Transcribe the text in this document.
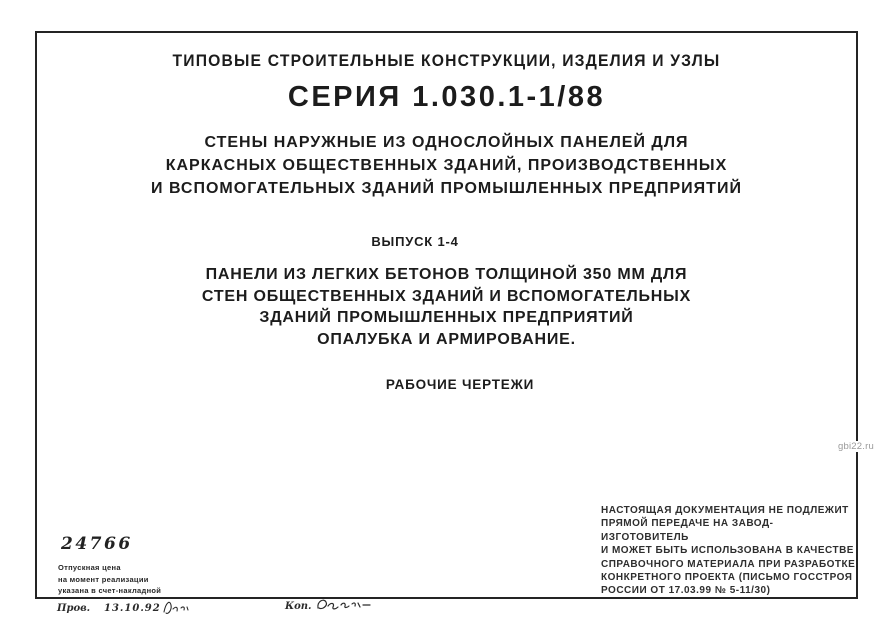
ТИПОВЫЕ СТРОИТЕЛЬНЫЕ КОНСТРУКЦИИ, ИЗДЕЛИЯ И УЗЛЫ
СЕРИЯ 1.030.1-1/88
СТЕНЫ НАРУЖНЫЕ ИЗ ОДНОСЛОЙНЫХ ПАНЕЛЕЙ ДЛЯ
КАРКАСНЫХ ОБЩЕСТВЕННЫХ ЗДАНИЙ, ПРОИЗВОДСТВЕННЫХ
И ВСПОМОГАТЕЛЬНЫХ ЗДАНИЙ ПРОМЫШЛЕННЫХ ПРЕДПРИЯТИЙ
ВЫПУСК 1-4
ПАНЕЛИ ИЗ ЛЕГКИХ БЕТОНОВ ТОЛЩИНОЙ 350 ММ ДЛЯ
СТЕН ОБЩЕСТВЕННЫХ ЗДАНИЙ И ВСПОМОГАТЕЛЬНЫХ
ЗДАНИЙ ПРОМЫШЛЕННЫХ ПРЕДПРИЯТИЙ
ОПАЛУБКА И АРМИРОВАНИЕ.
РАБОЧИЕ ЧЕРТЕЖИ
НАСТОЯЩАЯ ДОКУМЕНТАЦИЯ НЕ ПОДЛЕЖИТ
ПРЯМОЙ ПЕРЕДАЧЕ НА ЗАВОД-ИЗГОТОВИТЕЛЬ
И МОЖЕТ БЫТЬ ИСПОЛЬЗОВАНА В КАЧЕСТВЕ
СПРАВОЧНОГО МАТЕРИАЛА ПРИ РАЗРАБОТКЕ
КОНКРЕТНОГО ПРОЕКТА (ПИСЬМО ГОССТРОЯ
РОССИИ ОТ 17.03.99 № 5-11/30)
24766
Отпускная цена
на момент реализации
указана в счет-накладной
Пров. 13.10.92	Коп.
gbi22.ru
